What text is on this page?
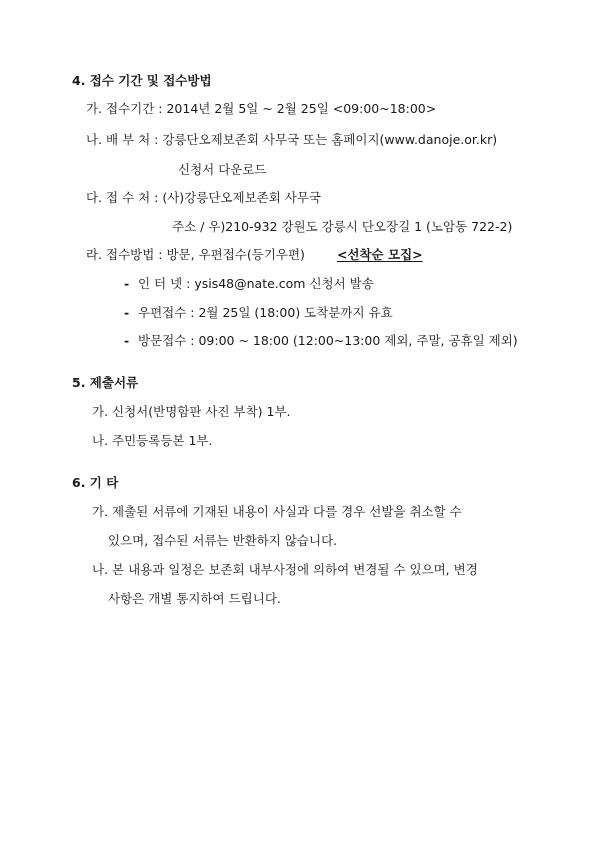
4. 접수 기간 및 접수방법
가. 접수기간 : 2014년 2월 5일 ~ 2월 25일 <09:00~18:00>
나. 배 부 처 : 강릉단오제보존회 사무국 또는 홈페이지(www.danoje.or.kr)
신청서 다운로드
다. 접 수 처 : (사)강릉단오제보존회 사무국
주소 / 우)210-932 강원도 강릉시 단오장길 1 (노암동 722-2)
라. 접수방법 : 방문, 우편접수(등기우편)	<선착순 모집>
- 인 터 넷 : ysis48@nate.com 신청서 발송
- 우편접수 : 2월 25일 (18:00) 도착분까지 유효
- 방문접수 : 09:00 ~ 18:00 (12:00~13:00 제외, 주말, 공휴일 제외)
5. 제출서류
가. 신청서(반명함판 사진 부착) 1부.
나. 주민등록등본 1부.
6. 기 타
가. 제출된 서류에 기재된 내용이 사실과 다를 경우 선발을 취소할 수
있으며, 접수된 서류는 반환하지 않습니다.
나. 본 내용과 일정은 보존회 내부사정에 의하여 변경될 수 있으며, 변경
사항은 개별 통지하여 드립니다.
